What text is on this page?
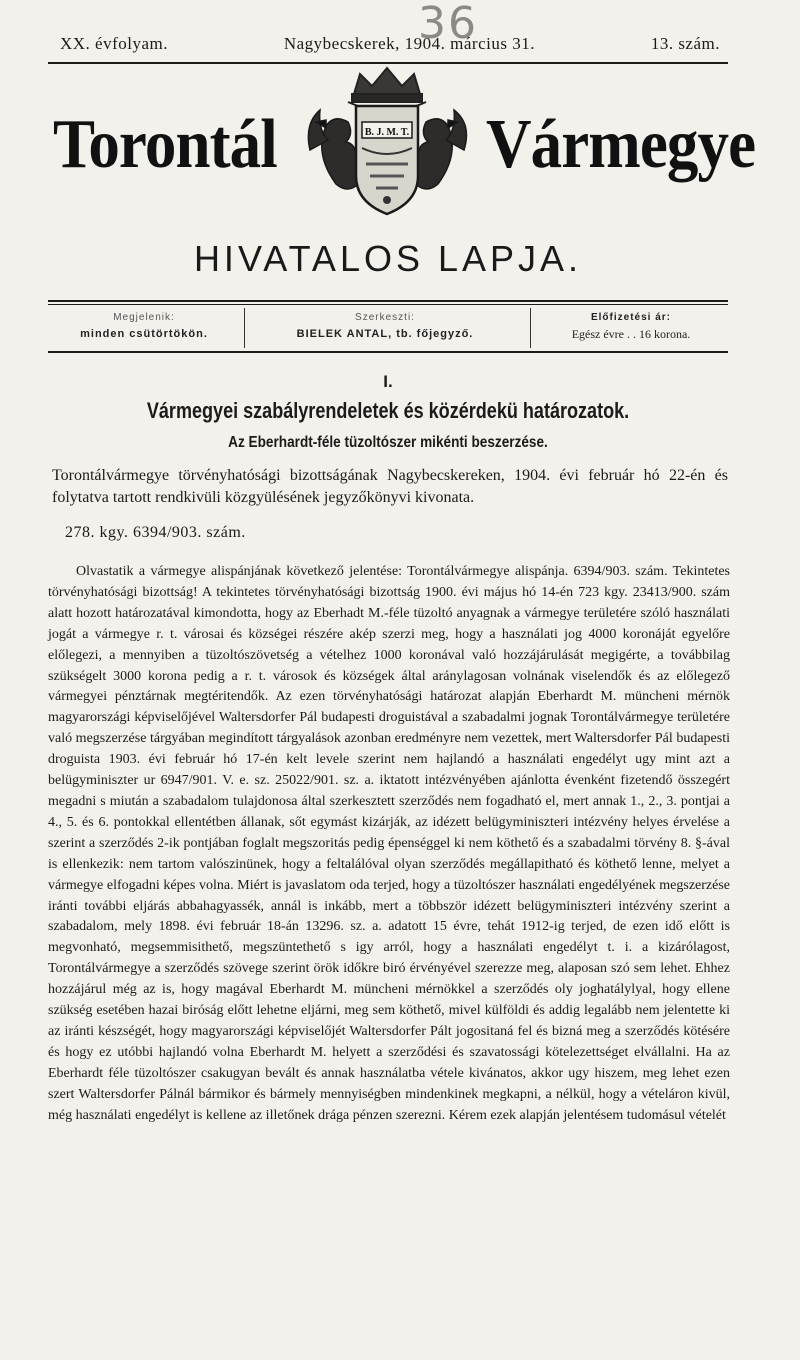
36
XX. évfolyam.	Nagybecskerek, 1904. március 31.	13. szám.
Torontál	Vármegye
B. J. M. T.
HIVATALOS LAPJA.
Megjelenik:
minden csütörtökön.
Szerkeszti:
BIELEK ANTAL, tb. főjegyző.
Előfizetési ár:
Egész évre . . 16 korona.
I.
Vármegyei szabályrendeletek és közérdekü határozatok.
Az Eberhardt-féle tüzoltószer mikénti beszerzése.
Torontálvármegye törvényhatósági bizottságának Nagybecskereken, 1904. évi február hó 22-én és folytatva tartott rendkivüli közgyülésének jegyzőkönyvi kivonata.
278. kgy. 6394/903. szám.
Olvastatik a vármegye alispánjának következő jelentése: Torontálvármegye alispánja. 6394/903. szám. Tekintetes törvényhatósági bizottság! A tekintetes törvényhatósági bizottság 1900. évi május hó 14-én 723 kgy. 23413/900. szám alatt hozott határozatával kimondotta, hogy az Eberhadt M.-féle tüzoltó anyagnak a vármegye területére szóló használati jogát a vármegye r. t. városai és községei részére akép szerzi meg, hogy a használati jog 4000 koronáját egyelőre előlegezi, a mennyiben a tüzoltószövetség a vételhez 1000 koronával való hozzájárulását megigérte, a továbbilag szükségelt 3000 korona pedig a r. t. városok és községek által aránylagosan volnának viselendők és az előlegező vármegyei pénztárnak megtéritendők. Az ezen törvényhatósági határozat alapján Eberhardt M. müncheni mérnök magyarországi képviselőjével Waltersdorfer Pál budapesti droguistával a szabadalmi jognak Torontálvármegye területére való megszerzése tárgyában megindított tárgyalások azonban eredményre nem vezettek, mert Waltersdorfer Pál budapesti droguista 1903. évi február hó 17-én kelt levele szerint nem hajlandó a használati engedélyt ugy mint azt a belügyminiszter ur 6947/901. V. e. sz. 25022/901. sz. a. iktatott intézvényében ajánlotta évenként fizetendő összegért megadni s miután a szabadalom tulajdonosa által szerkesztett szerződés nem fogadható el, mert annak 1., 2., 3. pontjai a 4., 5. és 6. pontokkal ellentétben állanak, sőt egymást kizárják, az idézett belügyminiszteri intézvény helyes érvelése a szerint a szerződés 2-ik pontjában foglalt megszoritás pedig épenséggel ki nem köthető és a szabadalmi törvény 8. §-ával is ellenkezik: nem tartom valószinünek, hogy a feltalálóval olyan szerződés megállapitható és köthető lenne, melyet a vármegye elfogadni képes volna. Miért is javaslatom oda terjed, hogy a tüzoltószer használati engedélyének megszerzése iránti további eljárás abbahagyassék, annál is inkább, mert a többször idézett belügyminiszteri intézvény szerint a szabadalom, mely 1898. évi február 18-án 13296. sz. a. adatott 15 évre, tehát 1912-ig terjed, de ezen idő előtt is megvonható, megsemmisithető, megszüntethető s igy arról, hogy a használati engedélyt t. i. a kizárólagost, Torontálvármegye a szerződés szövege szerint örök időkre biró érvényével szerezze meg, alaposan szó sem lehet. Ehhez hozzájárul még az is, hogy magával Eberhardt M. müncheni mérnökkel a szerződés oly joghatálylyal, hogy ellene szükség esetében hazai biróság előtt lehetne eljárni, meg sem köthető, mivel külföldi és addig legalább nem jelentette ki az iránti készségét, hogy magyarországi képviselőjét Waltersdorfer Pált jogositaná fel és bizná meg a szerződés kötésére és hogy ez utóbbi hajlandó volna Eberhardt M. helyett a szerződési és szavatossági kötelezettséget elvállalni. Ha az Eberhardt féle tüzoltószer csakugyan bevált és annak használatba vétele kivánatos, akkor ugy hiszem, meg lehet ezen szert Waltersdorfer Pálnál bármikor és bármely mennyiségben mindenkinek megkapni, a nélkül, hogy a vételáron kivül, még használati engedélyt is kellene az illetőnek drága pénzen szerezni. Kérem ezek alapján jelentésem tudomásul vételét
